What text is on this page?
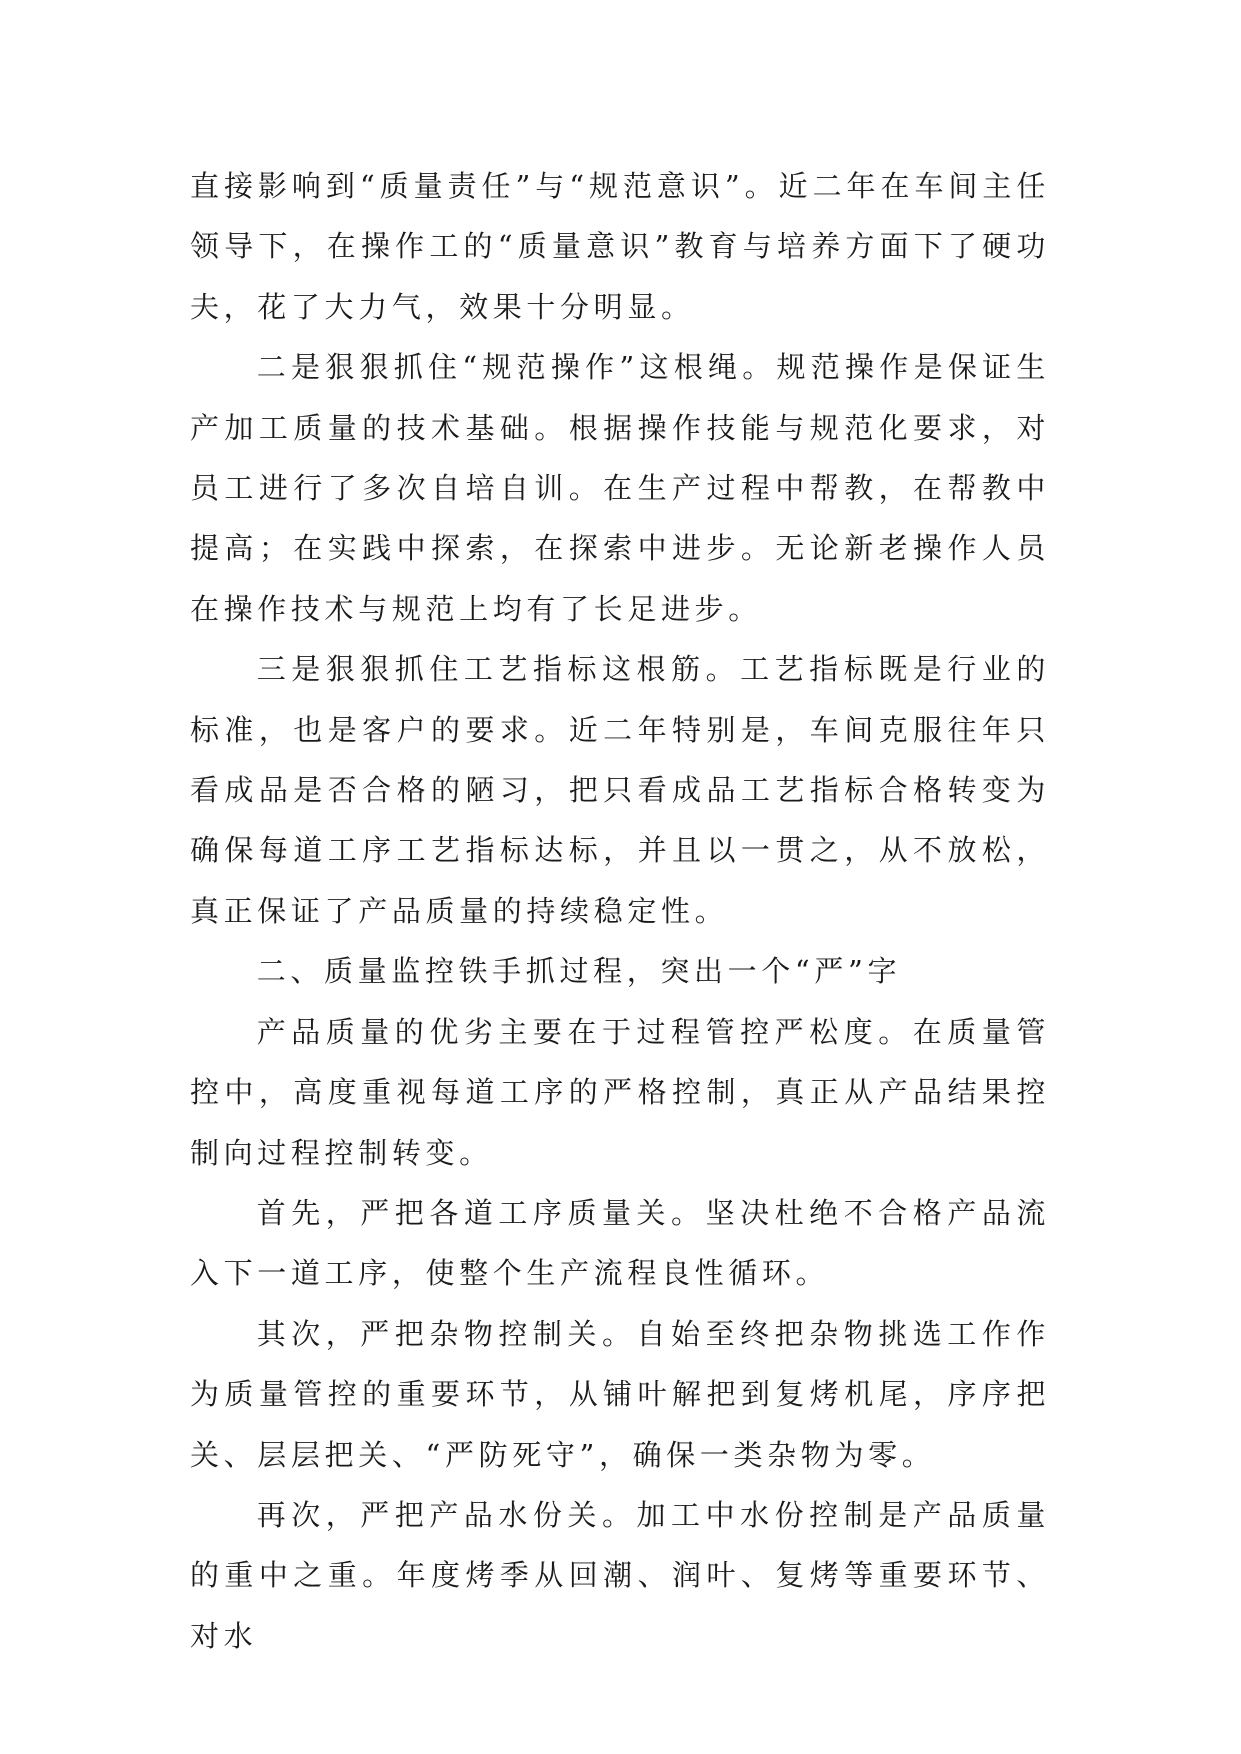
直接影响到“质量责任”与“规范意识”。近二年在车间主任领导下，在操作工的“质量意识”教育与培养方面下了硬功夫，花了大力气，效果十分明显。

二是狠狠抓住“规范操作”这根绳。规范操作是保证生产加工质量的技术基础。根据操作技能与规范化要求，对员工进行了多次自培自训。在生产过程中帮教，在帮教中提高；在实践中探索，在探索中进步。无论新老操作人员在操作技术与规范上均有了长足进步。

三是狠狠抓住工艺指标这根筋。工艺指标既是行业的标准，也是客户的要求。近二年特别是，车间克服往年只看成品是否合格的陋习，把只看成品工艺指标合格转变为确保每道工序工艺指标达标，并且以一贯之，从不放松，真正保证了产品质量的持续稳定性。

二、质量监控铁手抓过程，突出一个“严”字

产品质量的优劣主要在于过程管控严松度。在质量管控中，高度重视每道工序的严格控制，真正从产品结果控制向过程控制转变。

首先，严把各道工序质量关。坚决杜绝不合格产品流入下一道工序，使整个生产流程良性循环。

其次，严把杂物控制关。自始至终把杂物挑选工作作为质量管控的重要环节，从铺叶解把到复烤机尾，序序把关、层层把关、“严防死守”，确保一类杂物为零。

再次，严把产品水份关。加工中水份控制是产品质量的重中之重。年度烤季从回潮、润叶、复烤等重要环节、对水
